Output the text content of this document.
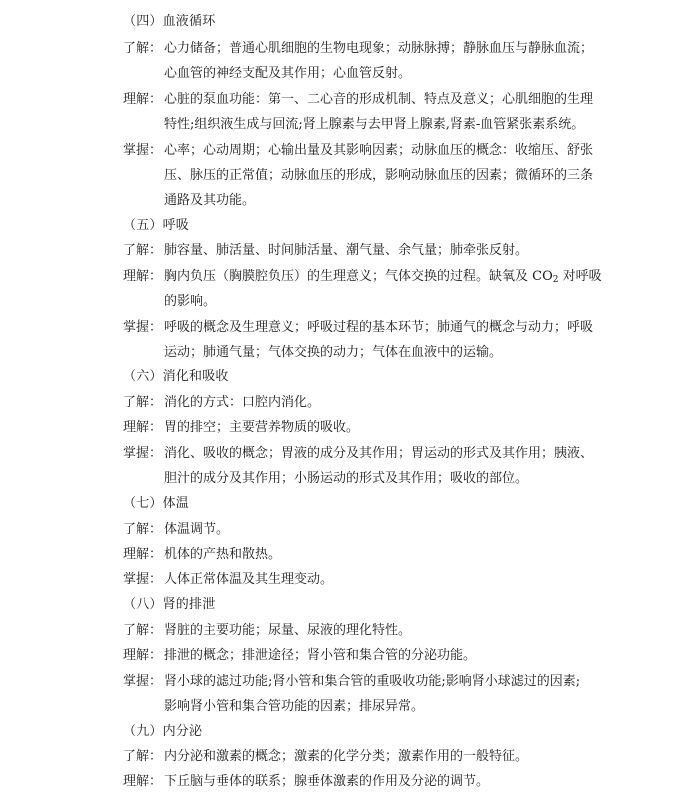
（四）血液循环
了解： 心力储备；普通心肌细胞的生物电现象；动脉脉搏；静脉血压与静脉血流；
心血管的神经支配及其作用；心血管反射。
理解： 心脏的泵血功能：第一、二心音的形成机制、特点及意义；心肌细胞的生理
特性;组织液生成与回流;肾上腺素与去甲肾上腺素,肾素-血管紧张素系统。
掌握： 心率；心动周期；心输出量及其影响因素；动脉血压的概念：收缩压、舒张
压、脉压的正常值；动脉血压的形成，影响动脉血压的因素；微循环的三条
通路及其功能。
（五）呼吸
了解： 肺容量、肺活量、时间肺活量、潮气量、余气量；肺牵张反射。
理解： 胸内负压（胸膜腔负压）的生理意义；气体交换的过程。缺氧及 $CO_2$ 对呼吸
的影响。
掌握： 呼吸的概念及生理意义；呼吸过程的基本环节；肺通气的概念与动力；呼吸
运动；肺通气量；气体交换的动力；气体在血液中的运输。
（六）消化和吸收
了解： 消化的方式：口腔内消化。
理解： 胃的排空；主要营养物质的吸收。
掌握： 消化、吸收的概念；胃液的成分及其作用；胃运动的形式及其作用；胰液、
胆汁的成分及其作用；小肠运动的形式及其作用；吸收的部位。
（七）体温
了解： 体温调节。
理解： 机体的产热和散热。
掌握： 人体正常体温及其生理变动。
（八）肾的排泄
了解： 肾脏的主要功能；尿量、尿液的理化特性。
理解： 排泄的概念；排泄途径；肾小管和集合管的分泌功能。
掌握： 肾小球的滤过功能;肾小管和集合管的重吸收功能;影响肾小球滤过的因素;
影响肾小管和集合管功能的因素；排尿异常。
（九）内分泌
了解： 内分泌和激素的概念；激素的化学分类；激素作用的一般特征。
理解： 下丘脑与垂体的联系；腺垂体激素的作用及分泌的调节。
